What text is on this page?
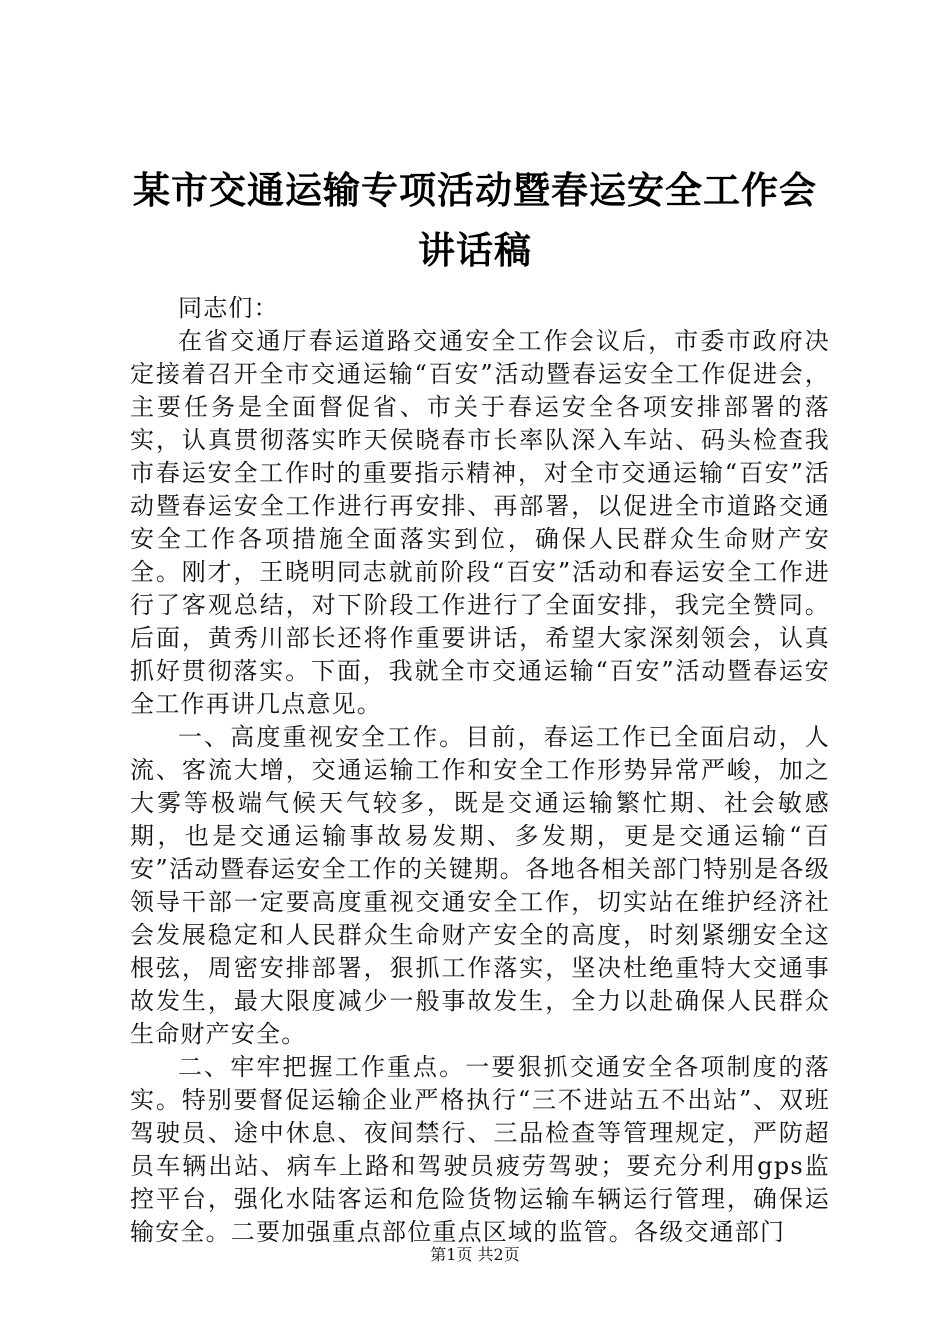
某市交通运输专项活动暨春运安全工作会讲话稿

同志们：

在省交通厅春运道路交通安全工作会议后，市委市政府决定接着召开全市交通运输“百安”活动暨春运安全工作促进会，主要任务是全面督促省、市关于春运安全各项安排部署的落实，认真贯彻落实昨天侯晓春市长率队深入车站、码头检查我市春运安全工作时的重要指示精神，对全市交通运输“百安”活动暨春运安全工作进行再安排、再部署，以促进全市道路交通安全工作各项措施全面落实到位，确保人民群众生命财产安全。刚才，王晓明同志就前阶段“百安”活动和春运安全工作进行了客观总结，对下阶段工作进行了全面安排，我完全赞同。后面，黄秀川部长还将作重要讲话，希望大家深刻领会，认真抓好贯彻落实。下面，我就全市交通运输“百安”活动暨春运安全工作再讲几点意见。

一、高度重视安全工作。目前，春运工作已全面启动，人流、客流大增，交通运输工作和安全工作形势异常严峻，加之大雾等极端气候天气较多，既是交通运输繁忙期、社会敏感期，也是交通运输事故易发期、多发期，更是交通运输“百安”活动暨春运安全工作的关键期。各地各相关部门特别是各级领导干部一定要高度重视交通安全工作，切实站在维护经济社会发展稳定和人民群众生命财产安全的高度，时刻紧绷安全这根弦，周密安排部署，狠抓工作落实，坚决杜绝重特大交通事故发生，最大限度减少一般事故发生，全力以赴确保人民群众生命财产安全。

二、牢牢把握工作重点。一要狠抓交通安全各项制度的落实。特别要督促运输企业严格执行“三不进站五不出站”、双班驾驶员、途中休息、夜间禁行、三品检查等管理规定，严防超员车辆出站、病车上路和驾驶员疲劳驾驶；要充分利用gps监控平台，强化水陆客运和危险货物运输车辆运行管理，确保运输安全。二要加强重点部位重点区域的监管。各级交通部门

第1页 共2页
